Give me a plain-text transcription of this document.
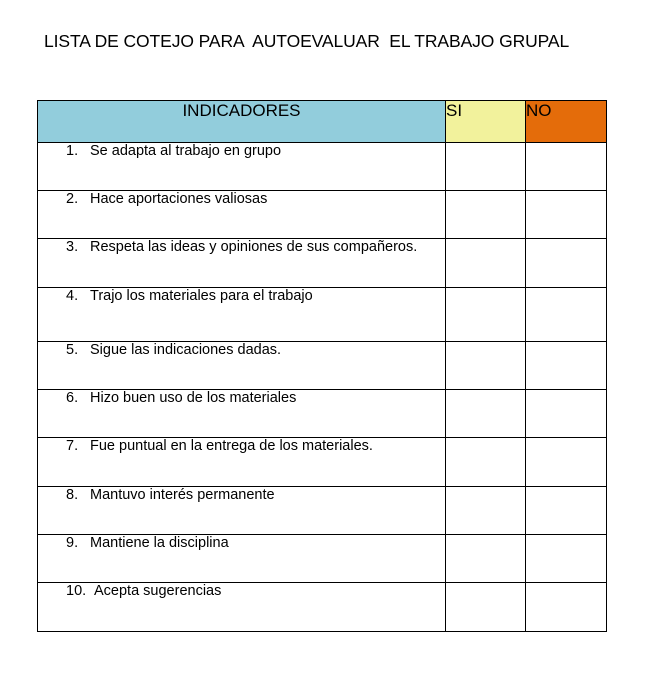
LISTA DE COTEJO PARA  AUTOEVALUAR  EL TRABAJO GRUPAL
INDICADORES	SI	NO

1. Se adapta al trabajo en grupo		

2. Hace aportaciones valiosas		

3. Respeta las ideas y opiniones de sus compañeros.		

4. Trajo los materiales para el trabajo		

5. Sigue las indicaciones dadas.		

6. Hizo buen uso de los materiales		

7. Fue puntual en la entrega de los materiales.		

8. Mantuvo interés permanente		

9. Mantiene la disciplina		

10. Acepta sugerencias		
